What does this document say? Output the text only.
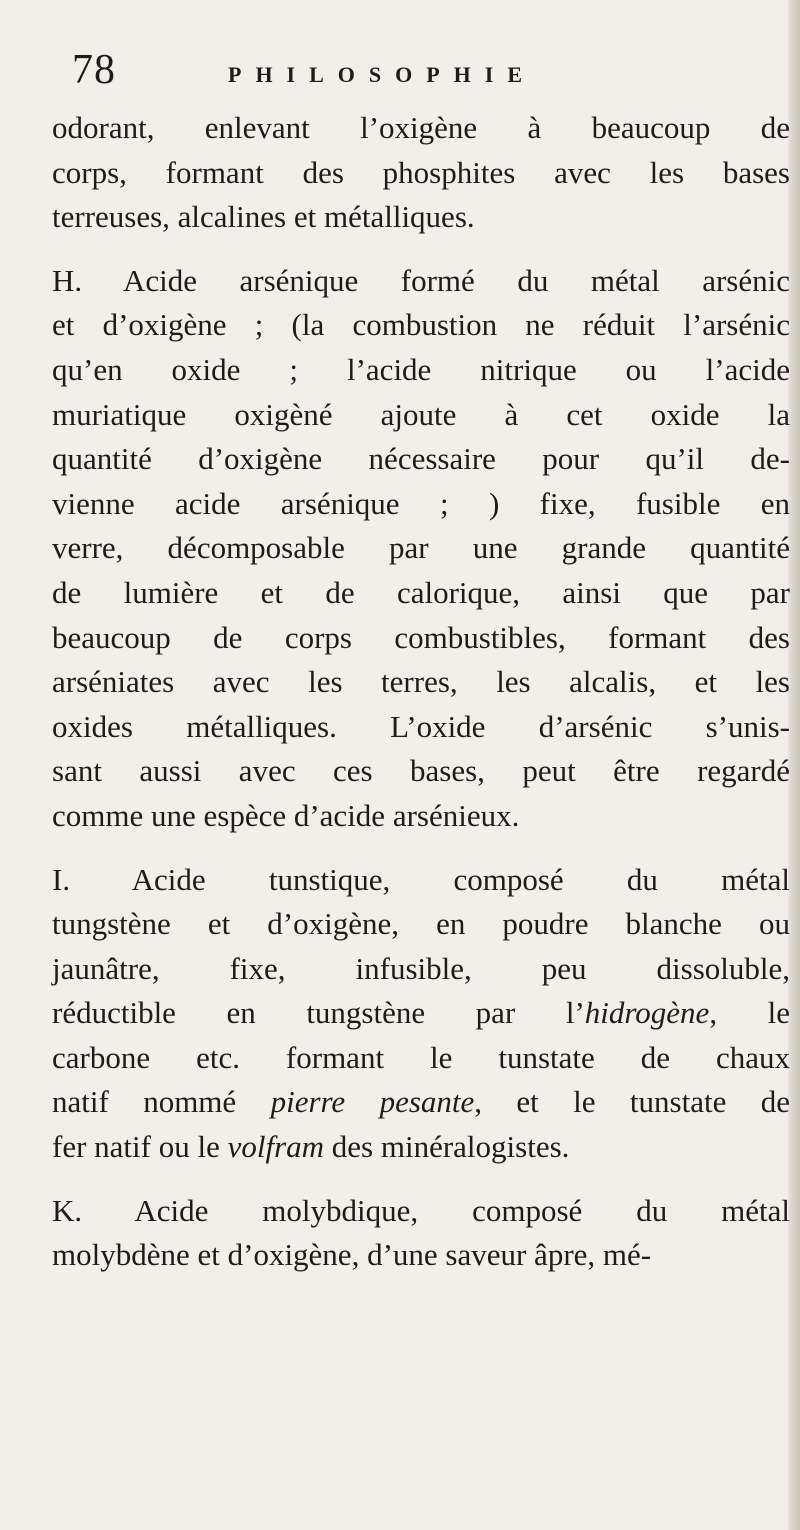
78	PHILOSOPHIE
odorant, enlevant l’oxigène à beaucoup de
corps, formant des phosphites avec les bases
terreuses, alcalines et métalliques.
H. Acide arsénique formé du métal arsénic
et d’oxigène ; (la combustion ne réduit l’arsénic
qu’en oxide ; l’acide nitrique ou l’acide
muriatique oxigèné ajoute à cet oxide la
quantité d’oxigène nécessaire pour qu’il de-
vienne acide arsénique ; ) fixe, fusible en
verre, décomposable par une grande quantité
de lumière et de calorique, ainsi que par
beaucoup de corps combustibles, formant des
arséniates avec les terres, les alcalis, et les
oxides métalliques. L’oxide d’arsénic s’unis-
sant aussi avec ces bases, peut être regardé
comme une espèce d’acide arsénieux.
I. Acide tunstique, composé du métal
tungstène et d’oxigène, en poudre blanche ou
jaunâtre, fixe, infusible, peu dissoluble,
réductible en tungstène par l’hidrogène, le
carbone etc. formant le tunstate de chaux
natif nommé pierre pesante, et le tunstate de
fer natif ou le volfram des minéralogistes.
K. Acide molybdique, composé du métal
molybdène et d’oxigène, d’une saveur âpre, mé-
